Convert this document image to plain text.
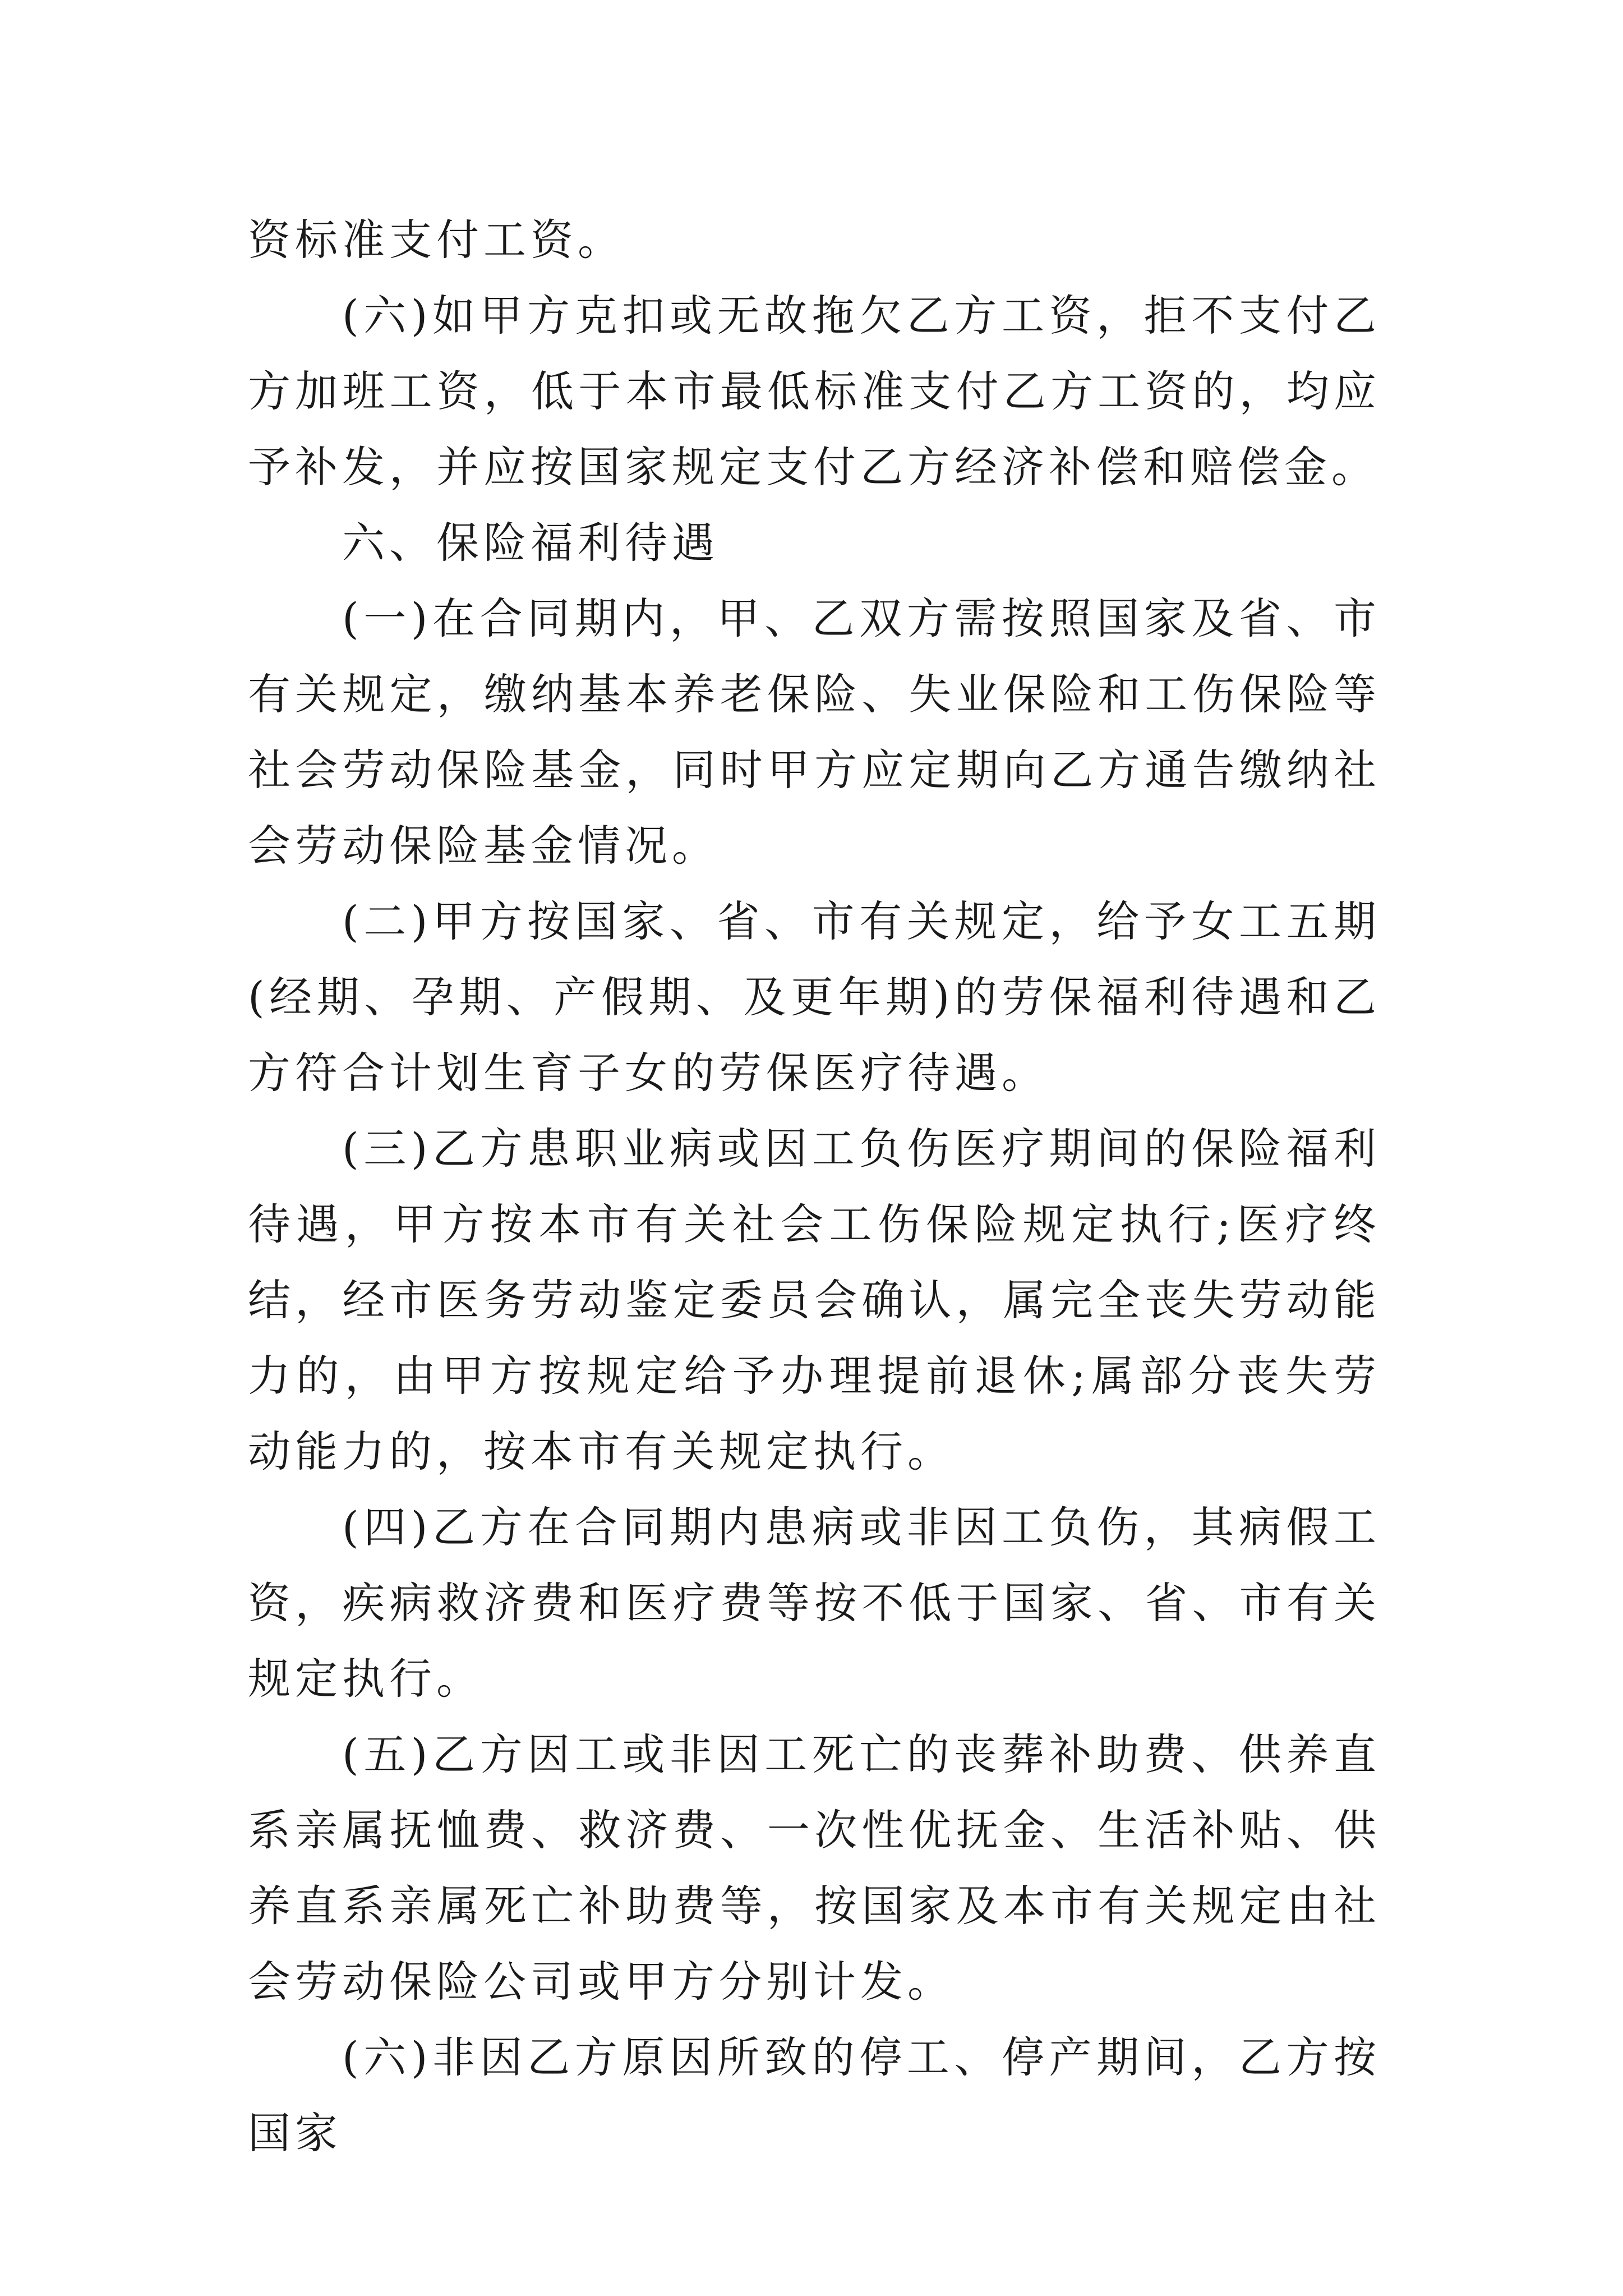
资标准支付工资。

(六)如甲方克扣或无故拖欠乙方工资，拒不支付乙方加班工资，低于本市最低标准支付乙方工资的，均应予补发，并应按国家规定支付乙方经济补偿和赔偿金。

六、保险福利待遇

(一)在合同期内，甲、乙双方需按照国家及省、市有关规定，缴纳基本养老保险、失业保险和工伤保险等社会劳动保险基金，同时甲方应定期向乙方通告缴纳社会劳动保险基金情况。

(二)甲方按国家、省、市有关规定，给予女工五期(经期、孕期、产假期、及更年期)的劳保福利待遇和乙方符合计划生育子女的劳保医疗待遇。

(三)乙方患职业病或因工负伤医疗期间的保险福利待遇，甲方按本市有关社会工伤保险规定执行;医疗终结，经市医务劳动鉴定委员会确认，属完全丧失劳动能力的，由甲方按规定给予办理提前退休;属部分丧失劳动能力的，按本市有关规定执行。

(四)乙方在合同期内患病或非因工负伤，其病假工资，疾病救济费和医疗费等按不低于国家、省、市有关规定执行。

(五)乙方因工或非因工死亡的丧葬补助费、供养直系亲属抚恤费、救济费、一次性优抚金、生活补贴、供养直系亲属死亡补助费等，按国家及本市有关规定由社会劳动保险公司或甲方分别计发。

(六)非因乙方原因所致的停工、停产期间，乙方按国家
